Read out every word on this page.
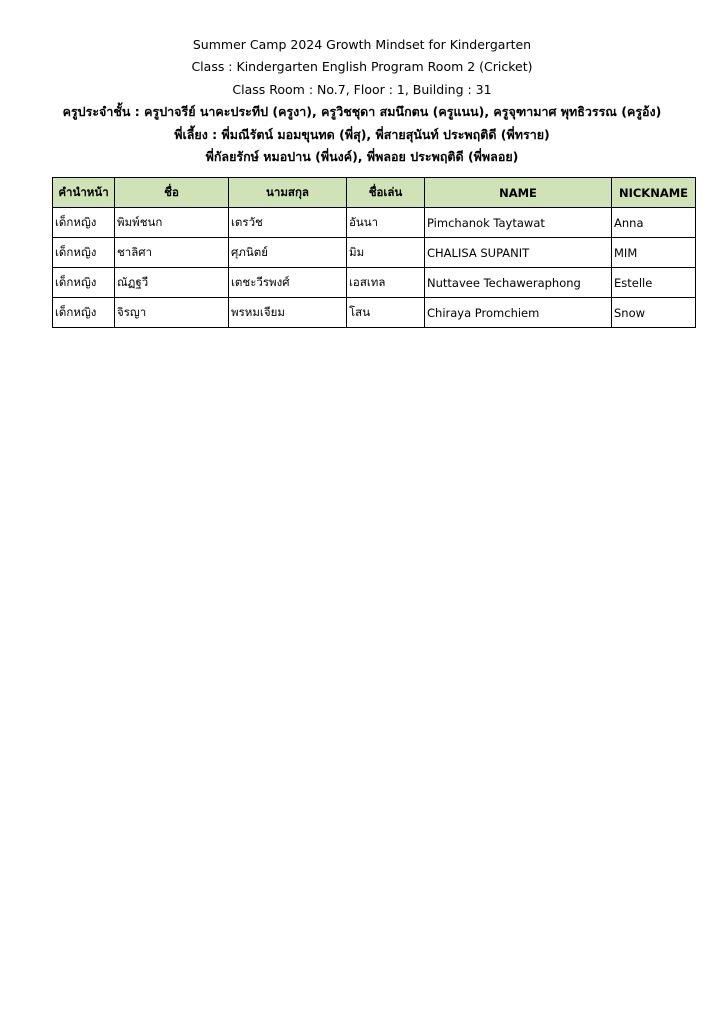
Summer Camp 2024 Growth Mindset for Kindergarten
Class : Kindergarten English Program Room 2 (Cricket)
Class Room : No.7, Floor : 1, Building : 31
ครูประจำชั้น : ครูปาจรีย์ นาคะประทีป (ครูงา), ครูวิชชุดา สมนึกตน (ครูแนน), ครูจุฑามาศ พุทธิวรรณ (ครูอ้ง)
พี่เลี้ยง : พี่มณีรัตน์ มอมขุนทด (พี่สุ), พี่สายสุนันท์ ประพฤติดี (พี่ทราย)
พี่กัลยรักษ์ หมอปาน (พี่นงค์), พี่พลอย ประพฤติดี (พี่พลอย)
คำนำหน้า	ชื่อ	นามสกุล	ชื่อเล่น	NAME	NICKNAME
เด็กหญิง	พิมพ์ชนก	เตรวัช	อันนา	Pimchanok Taytawat	Anna
เด็กหญิง	ชาลิศา	ศุภนิตย์	มิม	CHALISA SUPANIT	MIM
เด็กหญิง	ณัฏฐวี	เตชะวีรพงศ์	เอสเทล	Nuttavee Techaweraphong	Estelle
เด็กหญิง	จิรญา	พรหมเจียม	โสน	Chiraya Promchiem	Snow
